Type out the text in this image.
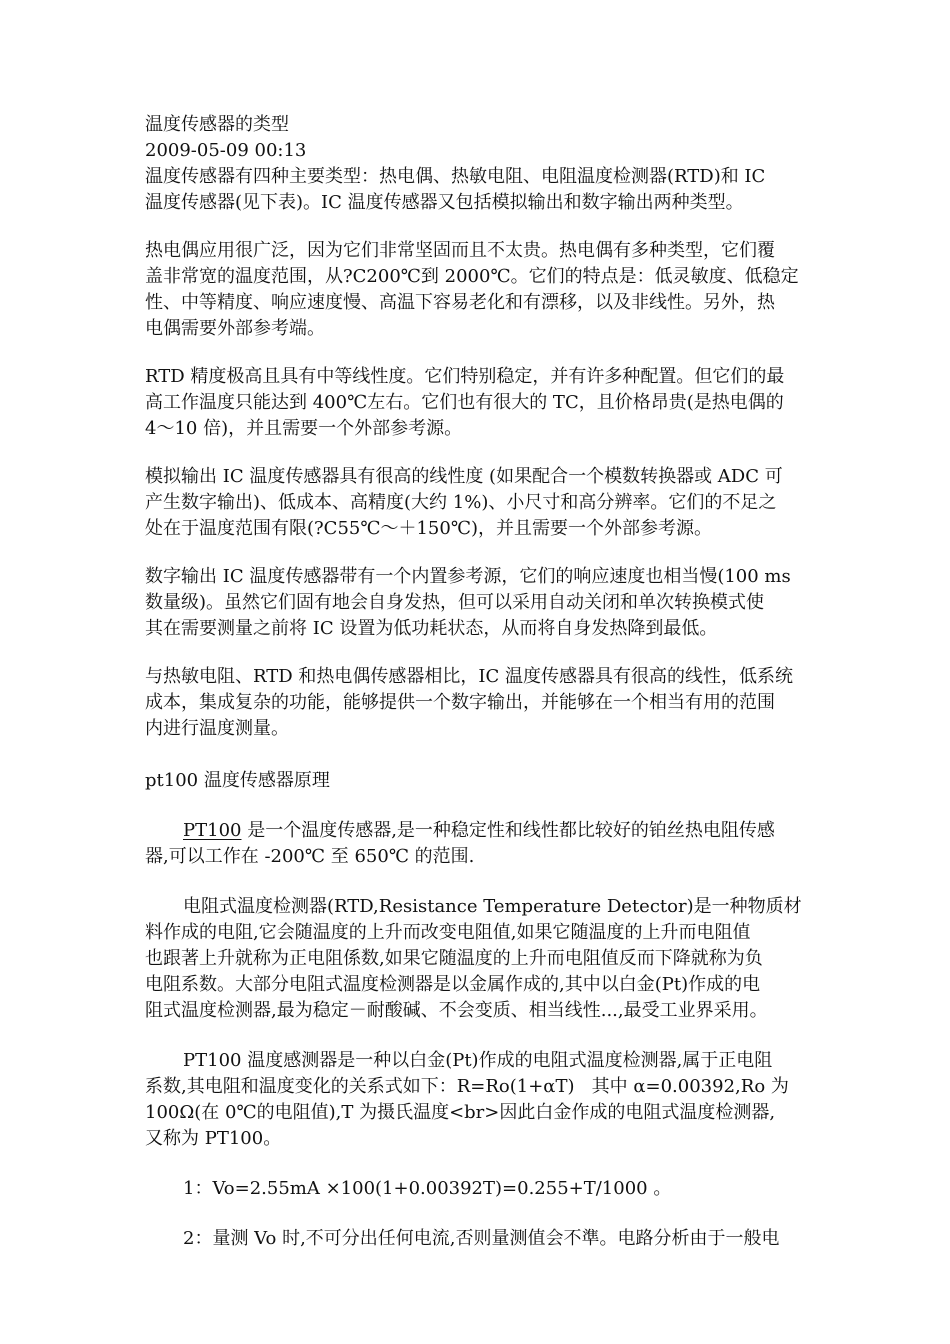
温度传感器的类型
2009-05-09 00:13
温度传感器有四种主要类型：热电偶、热敏电阻、电阻温度检测器(RTD)和 IC
温度传感器(见下表)。IC 温度传感器又包括模拟输出和数字输出两种类型。
热电偶应用很广泛，因为它们非常坚固而且不太贵。热电偶有多种类型，它们覆
盖非常宽的温度范围，从?C200℃到 2000℃。它们的特点是：低灵敏度、低稳定
性、中等精度、响应速度慢、高温下容易老化和有漂移，以及非线性。另外，热
电偶需要外部参考端。
RTD 精度极高且具有中等线性度。它们特别稳定，并有许多种配置。但它们的最
高工作温度只能达到 400℃左右。它们也有很大的 TC，且价格昂贵(是热电偶的
4～10 倍)，并且需要一个外部参考源。
模拟输出 IC 温度传感器具有很高的线性度 (如果配合一个模数转换器或 ADC 可
产生数字输出)、低成本、高精度(大约 1%)、小尺寸和高分辨率。它们的不足之
处在于温度范围有限(?C55℃～＋150℃)，并且需要一个外部参考源。
数字输出 IC 温度传感器带有一个内置参考源，它们的响应速度也相当慢(100 ms
数量级)。虽然它们固有地会自身发热，但可以采用自动关闭和单次转换模式使
其在需要测量之前将 IC 设置为低功耗状态，从而将自身发热降到最低。
与热敏电阻、RTD 和热电偶传感器相比，IC 温度传感器具有很高的线性，低系统
成本，集成复杂的功能，能够提供一个数字输出，并能够在一个相当有用的范围
内进行温度测量。
pt100 温度传感器原理
PT100 是一个温度传感器,是一种稳定性和线性都比较好的铂丝热电阻传感
器,可以工作在 -200℃ 至 650℃ 的范围.
电阻式温度检测器(RTD,Resistance Temperature Detector)是一种物质材
料作成的电阻,它会随温度的上升而改变电阻值,如果它随温度的上升而电阻值
也跟著上升就称为正电阻係数,如果它随温度的上升而电阻值反而下降就称为负
电阻系数。大部分电阻式温度检测器是以金属作成的,其中以白金(Pt)作成的电
阻式温度检测器,最为稳定－耐酸碱、不会变质、相当线性...,最受工业界采用。
PT100 温度感测器是一种以白金(Pt)作成的电阻式温度检测器,属于正电阻
系数,其电阻和温度变化的关系式如下：R=Ro(1+αT)   其中 α=0.00392,Ro 为
100Ω(在 0℃的电阻值),T 为摄氏温度<br>因此白金作成的电阻式温度检测器,
又称为 PT100。
1：Vo=2.55mA ×100(1+0.00392T)=0.255+T/1000 。
2：量测 Vo 时,不可分出任何电流,否则量测值会不準。电路分析由于一般电
